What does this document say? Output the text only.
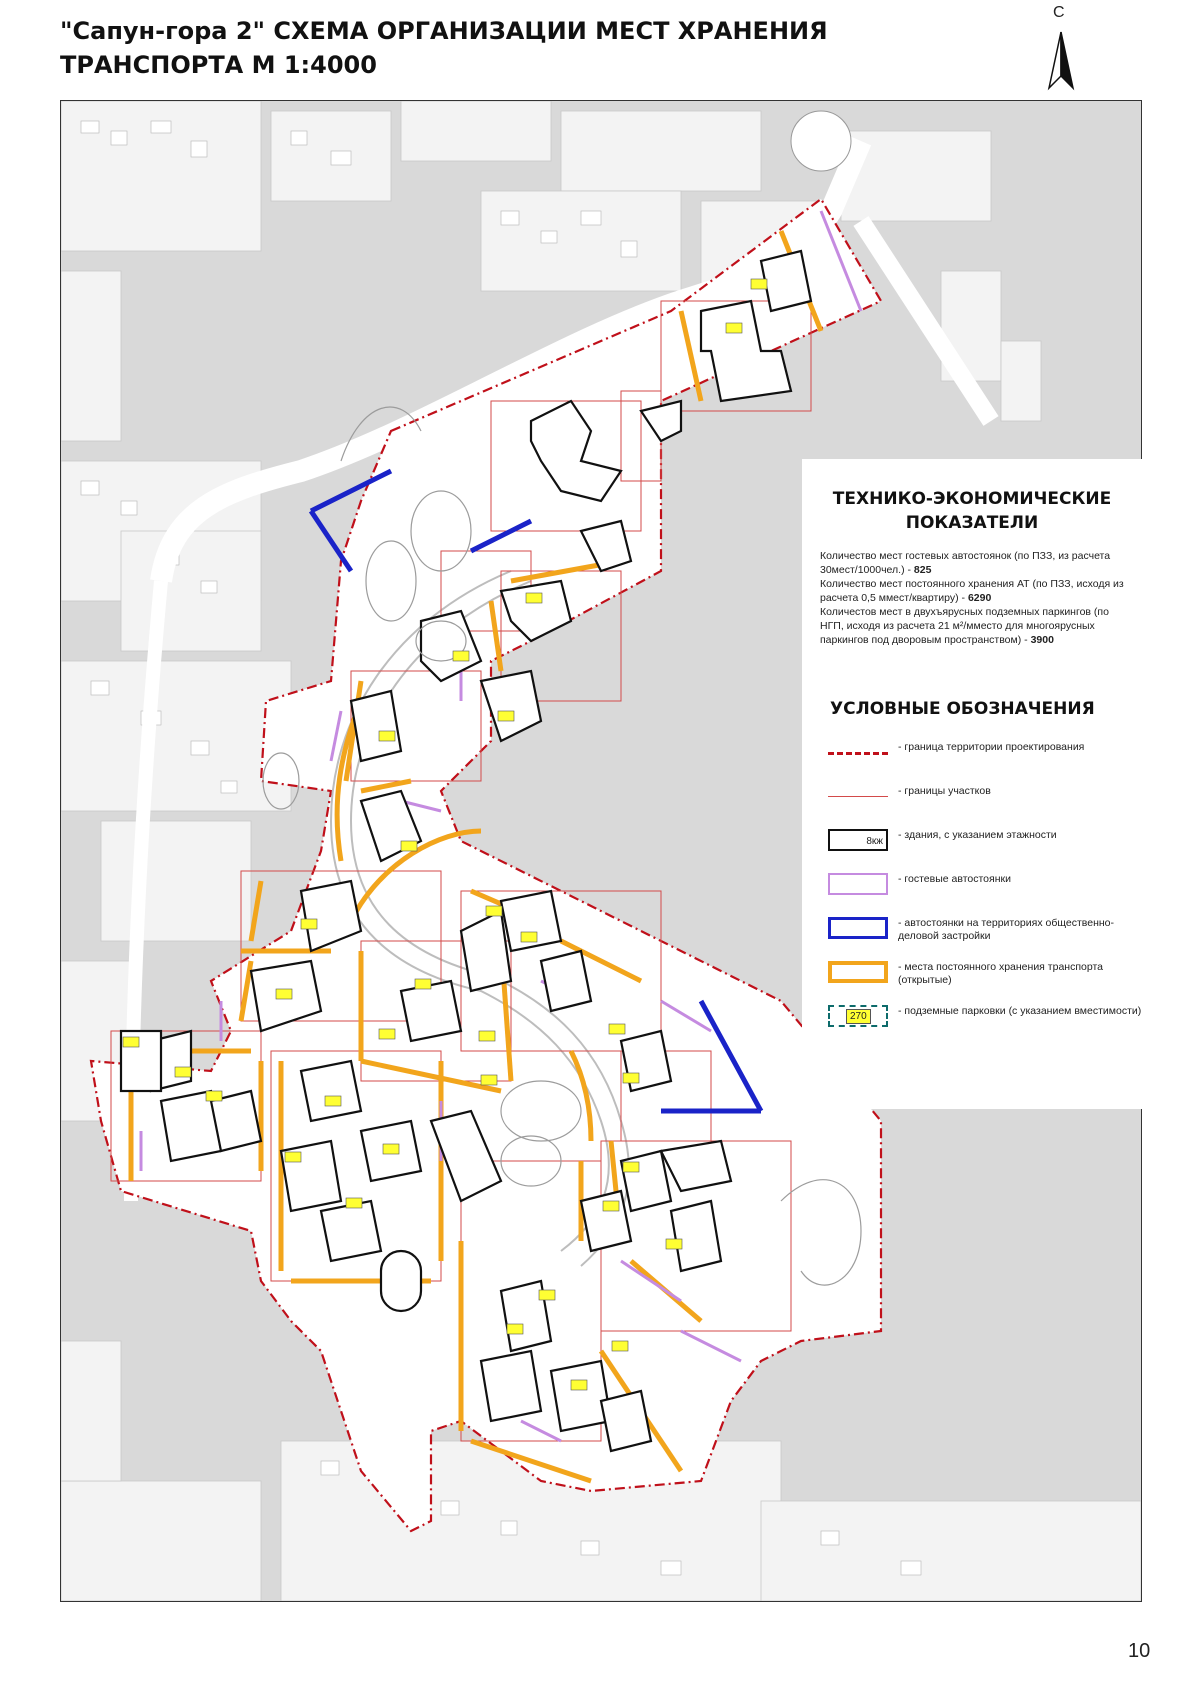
"Сапун-гора 2" СХЕМА ОРГАНИЗАЦИИ МЕСТ ХРАНЕНИЯ
ТРАНСПОРТА М 1:4000
С
ТЕХНИКО-ЭКОНОМИЧЕСКИЕ
ПОКАЗАТЕЛИ
Количество мест гостевых автостоянок (по ПЗЗ, из расчета 30мест/1000чел.) - 825
Количество мест постоянного хранения АТ (по ПЗЗ, исходя из расчета 0,5 ммест/квартиру) - 6290
Количестов мест в двухъярусных подземных паркингов (по НГП, исходя из расчета 21 м²/мместо для многоярусных паркингов под дворовым пространством) - 3900
УСЛОВНЫЕ ОБОЗНАЧЕНИЯ
- граница территории проектирования
- границы участков
8кж
- здания, с указанием этажности
- гостевые автостоянки
- автостоянки на территориях общественно-деловой застройки
- места постоянного хранения транспорта (открытые)
270	- подземные парковки (с указанием вместимости)
10
